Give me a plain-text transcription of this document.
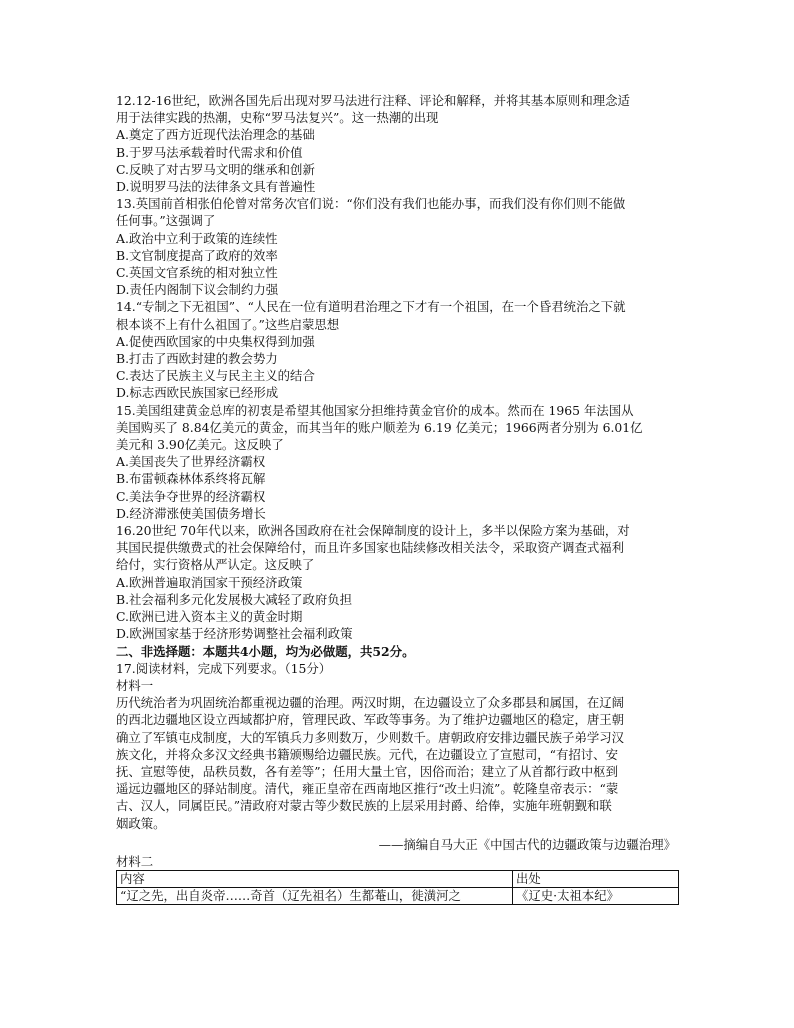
12.12-16世纪，欧洲各国先后出现对罗马法进行注释、评论和解释，并将其基本原则和理念适
用于法律实践的热潮，史称“罗马法复兴”。这一热潮的出现
A.奠定了西方近现代法治理念的基础
B.于罗马法承载着时代需求和价值
C.反映了对古罗马文明的继承和创新
D.说明罗马法的法律条文具有普遍性
13.英国前首相张伯伦曾对常务次官们说：“你们没有我们也能办事，而我们没有你们则不能做
任何事。”这强调了
A.政治中立利于政策的连续性
B.文官制度提高了政府的效率
C.英国文官系统的相对独立性
D.责任内阁制下议会制约力强
14.“专制之下无祖国”、“人民在一位有道明君治理之下才有一个祖国，在一个昏君统治之下就
根本谈不上有什么祖国了。”这些启蒙思想
A.促使西欧国家的中央集权得到加强
B.打击了西欧封建的教会势力
C.表达了民族主义与民主主义的结合
D.标志西欧民族国家已经形成
15.美国组建黄金总库的初衷是希望其他国家分担维持黄金官价的成本。然而在 1965 年法国从
美国购买了 8.84亿美元的黄金，而其当年的账户顺差为 6.19 亿美元；1966两者分别为 6.01亿
美元和 3.90亿美元。这反映了
A.美国丧失了世界经济霸权
B.布雷顿森林体系终将瓦解
C.美法争夺世界的经济霸权
D.经济滞涨使美国债务增长
16.20世纪 70年代以来，欧洲各国政府在社会保障制度的设计上，多半以保险方案为基础，对
其国民提供缴费式的社会保障给付，而且许多国家也陆续修改相关法令，采取资产调查式福利
给付，实行资格从严认定。这反映了
A.欧洲普遍取消国家干预经济政策
B.社会福利多元化发展极大减轻了政府负担
C.欧洲已进入资本主义的黄金时期
D.欧洲国家基于经济形势调整社会福利政策
二、非选择题：本题共4小题，均为必做题，共52分。
17.阅读材料，完成下列要求。（15分）
材料一
历代统治者为巩固统治都重视边疆的治理。两汉时期，在边疆设立了众多郡县和属国，在辽阔
的西北边疆地区设立西域都护府，管理民政、军政等事务。为了维护边疆地区的稳定，唐王朝
确立了军镇屯戍制度，大的军镇兵力多则数万，少则数千。唐朝政府安排边疆民族子弟学习汉
族文化，并将众多汉文经典书籍颁赐给边疆民族。元代，在边疆设立了宣慰司，“有招讨、安
抚、宣慰等使，品秩员数，各有差等”；任用大量土官，因俗而治；建立了从首都行政中枢到
遥远边疆地区的驿站制度。清代，雍正皇帝在西南地区推行“改土归流”。乾隆皇帝表示：“蒙
古、汉人，同属臣民。”清政府对蒙古等少数民族的上层采用封爵、给俸，实施年班朝觐和联
姻政策。
——摘编自马大正《中国古代的边疆政策与边疆治理》
材料二
内容	出处
“辽之先，出自炎帝……奇首（辽先祖名）生都菴山，徙潢河之	《辽史·太祖本纪》
